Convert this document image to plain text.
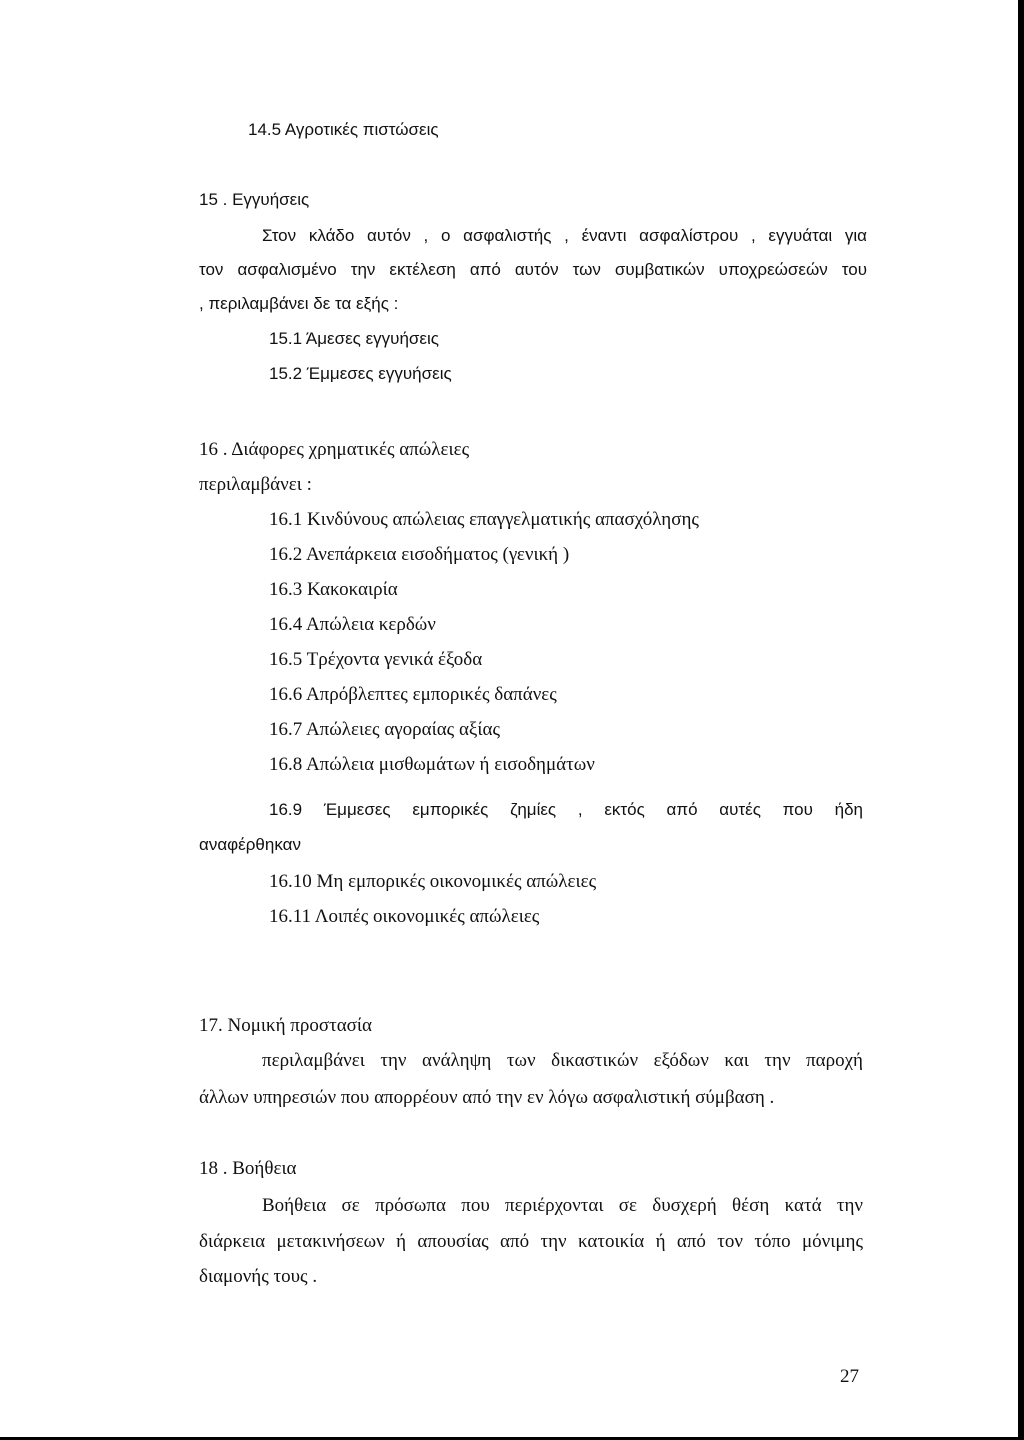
14.5 Αγροτικές πιστώσεις
15 . Εγγυήσεις
Στον κλάδο αυτόν , ο ασφαλιστής , έναντι ασφαλίστρου , εγγυάται για
τον ασφαλισμένο την εκτέλεση από αυτόν των συμβατικών υποχρεώσεών του
, περιλαμβάνει δε τα εξής :
15.1 Άμεσες εγγυήσεις
15.2 Έμμεσες εγγυήσεις
16 . Διάφορες χρηματικές απώλειες
περιλαμβάνει :
16.1 Κινδύνους απώλειας επαγγελματικής απασχόλησης
16.2 Ανεπάρκεια εισοδήματος (γενική )
16.3 Κακοκαιρία
16.4 Απώλεια κερδών
16.5 Τρέχοντα γενικά έξοδα
16.6 Απρόβλεπτες εμπορικές δαπάνες
16.7 Απώλειες αγοραίας αξίας
16.8 Απώλεια μισθωμάτων ή εισοδημάτων
16.9 Έμμεσες εμπορικές ζημίες , εκτός από αυτές που ήδη
αναφέρθηκαν
16.10 Μη εμπορικές οικονομικές απώλειες
16.11 Λοιπές οικονομικές απώλειες
17. Νομική προστασία
περιλαμβάνει την ανάληψη των δικαστικών εξόδων και την παροχή
άλλων υπηρεσιών που απορρέουν από την εν λόγω ασφαλιστική σύμβαση .
18 . Βοήθεια
Βοήθεια σε πρόσωπα που περιέρχονται σε δυσχερή θέση κατά την
διάρκεια μετακινήσεων ή απουσίας από την κατοικία ή από τον τόπο μόνιμης
διαμονής τους .
27
